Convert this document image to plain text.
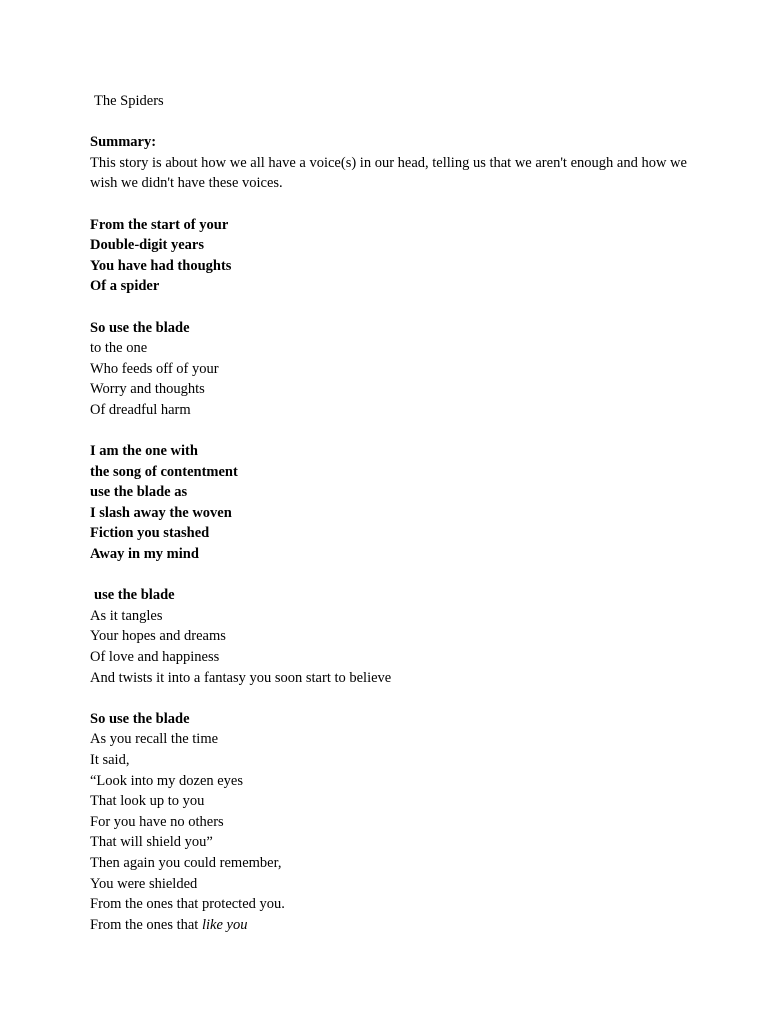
The Spiders
Summary:
This story is about how we all have a voice(s) in our head, telling us that we aren't enough and how we wish we didn't have these voices.
From the start of your
Double-digit years
You have had thoughts
Of a spider
So use the blade
to the one
Who feeds off of your
Worry and thoughts
Of dreadful harm
I am the one with
the song of contentment
use the blade as
I slash away the woven
Fiction you stashed
Away in my mind
use the blade
As it tangles
Your hopes and dreams
Of love and happiness
And twists it into a fantasy you soon start to believe
So use the blade
As you recall the time
It said,
“Look into my dozen eyes
That look up to you
For you have no others
That will shield you”
Then again you could remember,
You were shielded
From the ones that protected you.
From the ones that like you
